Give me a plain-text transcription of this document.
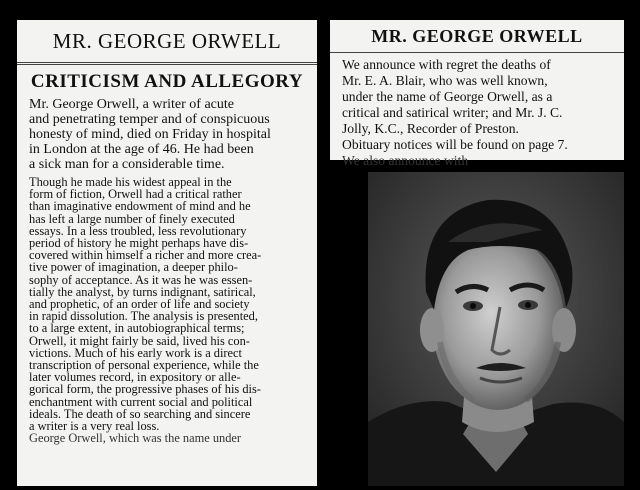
MR. GEORGE ORWELL
CRITICISM AND ALLEGORY
Mr. George Orwell, a writer of acute
and penetrating temper and of conspicuous
honesty of mind, died on Friday in hospital
in London at the age of 46. He had been
a sick man for a considerable time.
Though he made his widest appeal in the
form of fiction, Orwell had a critical rather
than imaginative endowment of mind and he
has left a large number of finely executed
essays. In a less troubled, less revolutionary
period of history he might perhaps have dis-
covered within himself a richer and more crea-
tive power of imagination, a deeper philo-
sophy of acceptance. As it was he was essen-
tially the analyst, by turns indignant, satirical,
and prophetic, of an order of life and society
in rapid dissolution. The analysis is presented,
to a large extent, in autobiographical terms;
Orwell, it might fairly be said, lived his con-
victions. Much of his early work is a direct
transcription of personal experience, while the
later volumes record, in expository or alle-
gorical form, the progressive phases of his dis-
enchantment with current social and political
ideals. The death of so searching and sincere
a writer is a very real loss.
George Orwell, which was the name under
MR. GEORGE ORWELL
We announce with regret the deaths of
Mr. E. A. Blair, who was well known,
under the name of George Orwell, as a
critical and satirical writer; and Mr. J. C.
Jolly, K.C., Recorder of Preston.
Obituary notices will be found on page 7.
We also announce with
